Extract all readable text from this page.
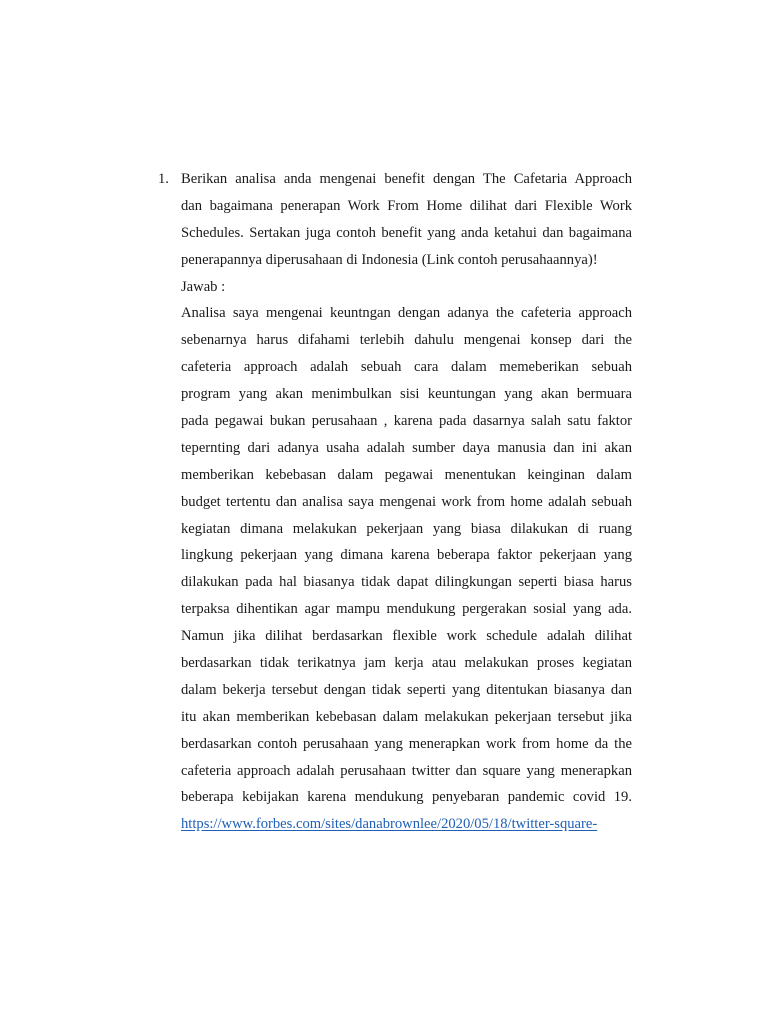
1. Berikan analisa anda mengenai benefit dengan The Cafetaria Approach
dan bagaimana penerapan Work From Home dilihat dari Flexible Work
Schedules. Sertakan juga contoh benefit yang anda ketahui dan bagaimana
penerapannya diperusahaan di Indonesia (Link contoh perusahaannya)!
Jawab :
Analisa saya mengenai keuntngan dengan adanya the cafeteria approach
sebenarnya harus difahami terlebih dahulu mengenai konsep dari the
cafeteria approach adalah sebuah cara dalam memeberikan sebuah
program yang akan menimbulkan sisi keuntungan yang akan bermuara
pada pegawai bukan perusahaan , karena pada dasarnya salah satu faktor
tepernting dari adanya usaha adalah sumber daya manusia dan ini akan
memberikan kebebasan dalam pegawai menentukan keinginan dalam
budget tertentu dan analisa saya mengenai work from home adalah sebuah
kegiatan dimana melakukan pekerjaan yang biasa dilakukan di ruang
lingkung pekerjaan yang dimana karena beberapa faktor pekerjaan yang
dilakukan pada hal biasanya tidak dapat dilingkungan seperti biasa harus
terpaksa dihentikan agar mampu mendukung pergerakan sosial yang ada.
Namun jika dilihat berdasarkan flexible work schedule adalah dilihat
berdasarkan tidak terikatnya jam kerja atau melakukan proses kegiatan
dalam bekerja tersebut dengan tidak seperti yang ditentukan biasanya dan
itu akan memberikan kebebasan dalam melakukan pekerjaan tersebut jika
berdasarkan contoh perusahaan yang menerapkan work from home da the
cafeteria approach adalah perusahaan twitter dan square yang menerapkan
beberapa kebijakan karena mendukung penyebaran pandemic covid 19.
https://www.forbes.com/sites/danabrownlee/2020/05/18/twitter-square-
